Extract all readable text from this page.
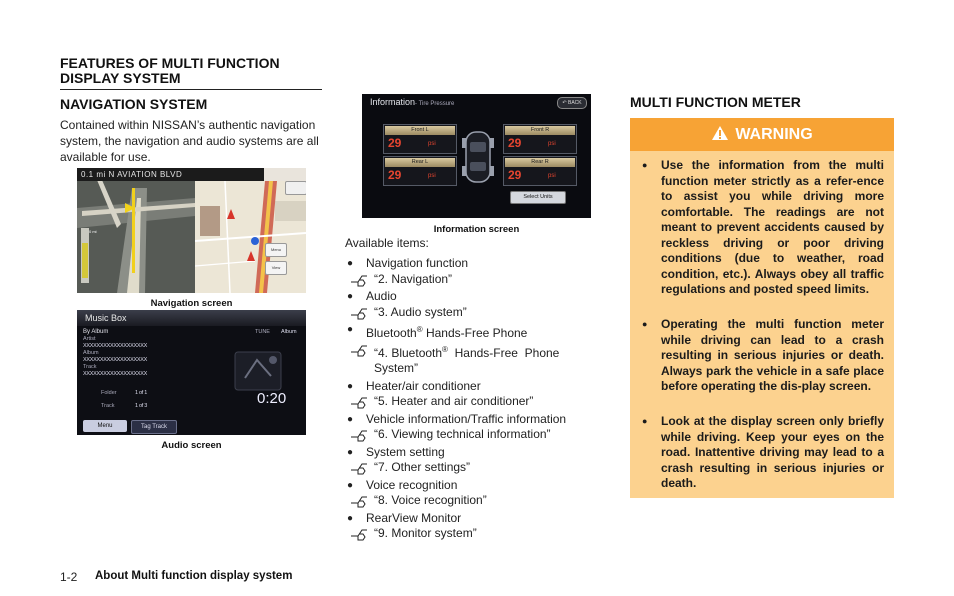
FEATURES OF MULTI FUNCTION DISPLAY SYSTEM
NAVIGATION SYSTEM
Contained within NISSAN’s authentic navigation system, the navigation and audio systems are all available for use.
0 mi
0.1 mi N AVIATION BLVD
Menu
View
Navigation screen
Music Box
By Album	TUNE Album
Artist
XXXXXXXXXXXXXXXXXXX
Album
XXXXXXXXXXXXXXXXXXX
Track
XXXXXXXXXXXXXXXXXXX
Folder	1 of 1
Track	1 of 3	0:20
Menu	Tag Track
Audio screen
Information- Tire Pressure	↶ BACK
Front L
29	psi
Front R
29	psi
Rear L
29	psi
Rear R
29	psi
Select Units
Information screen
Available items:
● Navigation function
“2. Navigation”
● Audio
“3. Audio system”
● Bluetooth® Hands-Free Phone
“4. Bluetooth®  Hands-Free  Phone
System”
● Heater/air conditioner
“5. Heater and air conditioner”
● Vehicle information/Traffic information
“6. Viewing technical information”
● System setting
“7. Other settings”
● Voice recognition
“8. Voice recognition”
● RearView Monitor
“9. Monitor system”
MULTI FUNCTION METER
WARNING
● Use the information from the multi function meter strictly as a refer-ence to assist you while driving more comfortable. The readings are not meant to prevent accidents caused by reckless driving or poor driving conditions (due to weather, road condition, etc.). Always obey all traffic regulations and posted speed limits.
● Operating the multi function meter while driving can lead to a crash resulting in serious injuries or death. Always park the vehicle in a safe place before operating the dis-play screen.
● Look at the display screen only briefly while driving. Keep your eyes on the road. Inattentive driving may lead to a crash resulting in serious injuries or death.
1-2 About Multi function display system
